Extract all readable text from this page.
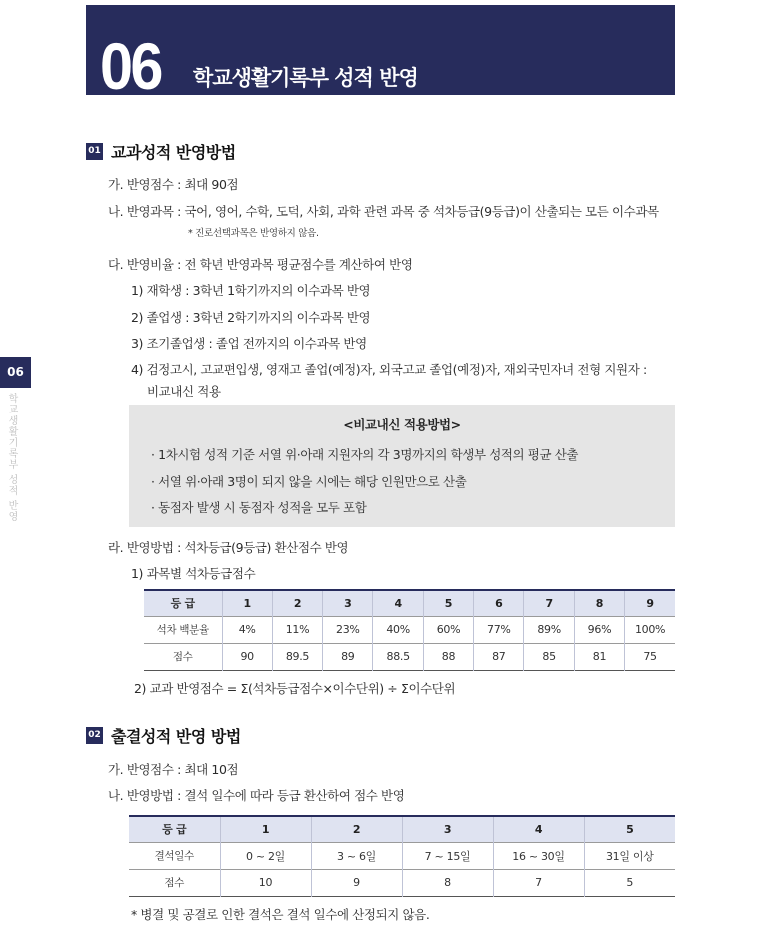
06 학교생활기록부 성적 반영
06
학교생활기록부 성적 반영
01 교과성적 반영방법
가. 반영점수 : 최대 90점
나. 반영과목 : 국어, 영어, 수학, 도덕, 사회, 과학 관련 과목 중 석차등급(9등급)이 산출되는 모든 이수과목
* 진로선택과목은 반영하지 않음.
다. 반영비율 : 전 학년 반영과목 평균점수를 계산하여 반영
1) 재학생 : 3학년 1학기까지의 이수과목 반영
2) 졸업생 : 3학년 2학기까지의 이수과목 반영
3) 조기졸업생 : 졸업 전까지의 이수과목 반영
4) 검정고시, 고교편입생, 영재고 졸업(예정)자, 외국고교 졸업(예정)자, 재외국민자녀 전형 지원자 :
비교내신 적용
<비교내신 적용방법>
· 1차시험 성적 기준 서열 위·아래 지원자의 각 3명까지의 학생부 성적의 평균 산출
· 서열 위·아래 3명이 되지 않을 시에는 해당 인원만으로 산출
· 동점자 발생 시 동점자 성적을 모두 포함
라. 반영방법 : 석차등급(9등급) 환산점수 반영
1) 과목별 석차등급점수
등 급	1	2	3	4	5	6	7	8	9
석차 백분율	4%	11%	23%	40%	60%	77%	89%	96%	100%
점수	90	89.5	89	88.5	88	87	85	81	75
2) 교과 반영점수 = Σ(석차등급점수×이수단위) ÷ Σ이수단위
02 출결성적 반영 방법
가. 반영점수 : 최대 10점
나. 반영방법 : 결석 일수에 따라 등급 환산하여 점수 반영
등 급	1	2	3	4	5
결석일수	0 ~ 2일	3 ~ 6일	7 ~ 15일	16 ~ 30일	31일 이상
점수	10	9	8	7	5
* 병결 및 공결로 인한 결석은 결석 일수에 산정되지 않음.
